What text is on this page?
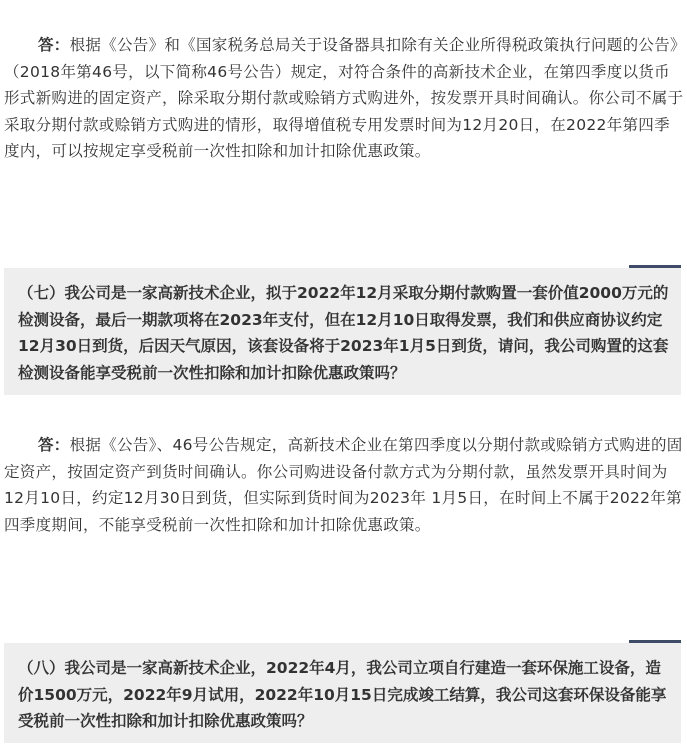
答：根据《公告》和《国家税务总局关于设备器具扣除有关企业所得税政策执行问题的公告》（2018年第46号，以下简称46号公告）规定，对符合条件的高新技术企业，在第四季度以货币形式新购进的固定资产，除采取分期付款或赊销方式购进外，按发票开具时间确认。你公司不属于采取分期付款或赊销方式购进的情形，取得增值税专用发票时间为12月20日，在2022年第四季度内，可以按规定享受税前一次性扣除和加计扣除优惠政策。

（七）我公司是一家高新技术企业，拟于2022年12月采取分期付款购置一套价值2000万元的检测设备，最后一期款项将在2023年支付，但在12月10日取得发票，我们和供应商协议约定12月30日到货，后因天气原因，该套设备将于2023年1月5日到货，请问，我公司购置的这套检测设备能享受税前一次性扣除和加计扣除优惠政策吗？

答：根据《公告》、46号公告规定，高新技术企业在第四季度以分期付款或赊销方式购进的固定资产，按固定资产到货时间确认。你公司购进设备付款方式为分期付款，虽然发票开具时间为12月10日，约定12月30日到货，但实际到货时间为2023年 1月5日，在时间上不属于2022年第四季度期间，不能享受税前一次性扣除和加计扣除优惠政策。

（八）我公司是一家高新技术企业，2022年4月，我公司立项自行建造一套环保施工设备，造价1500万元，2022年9月试用，2022年10月15日完成竣工结算，我公司这套环保设备能享受税前一次性扣除和加计扣除优惠政策吗？
